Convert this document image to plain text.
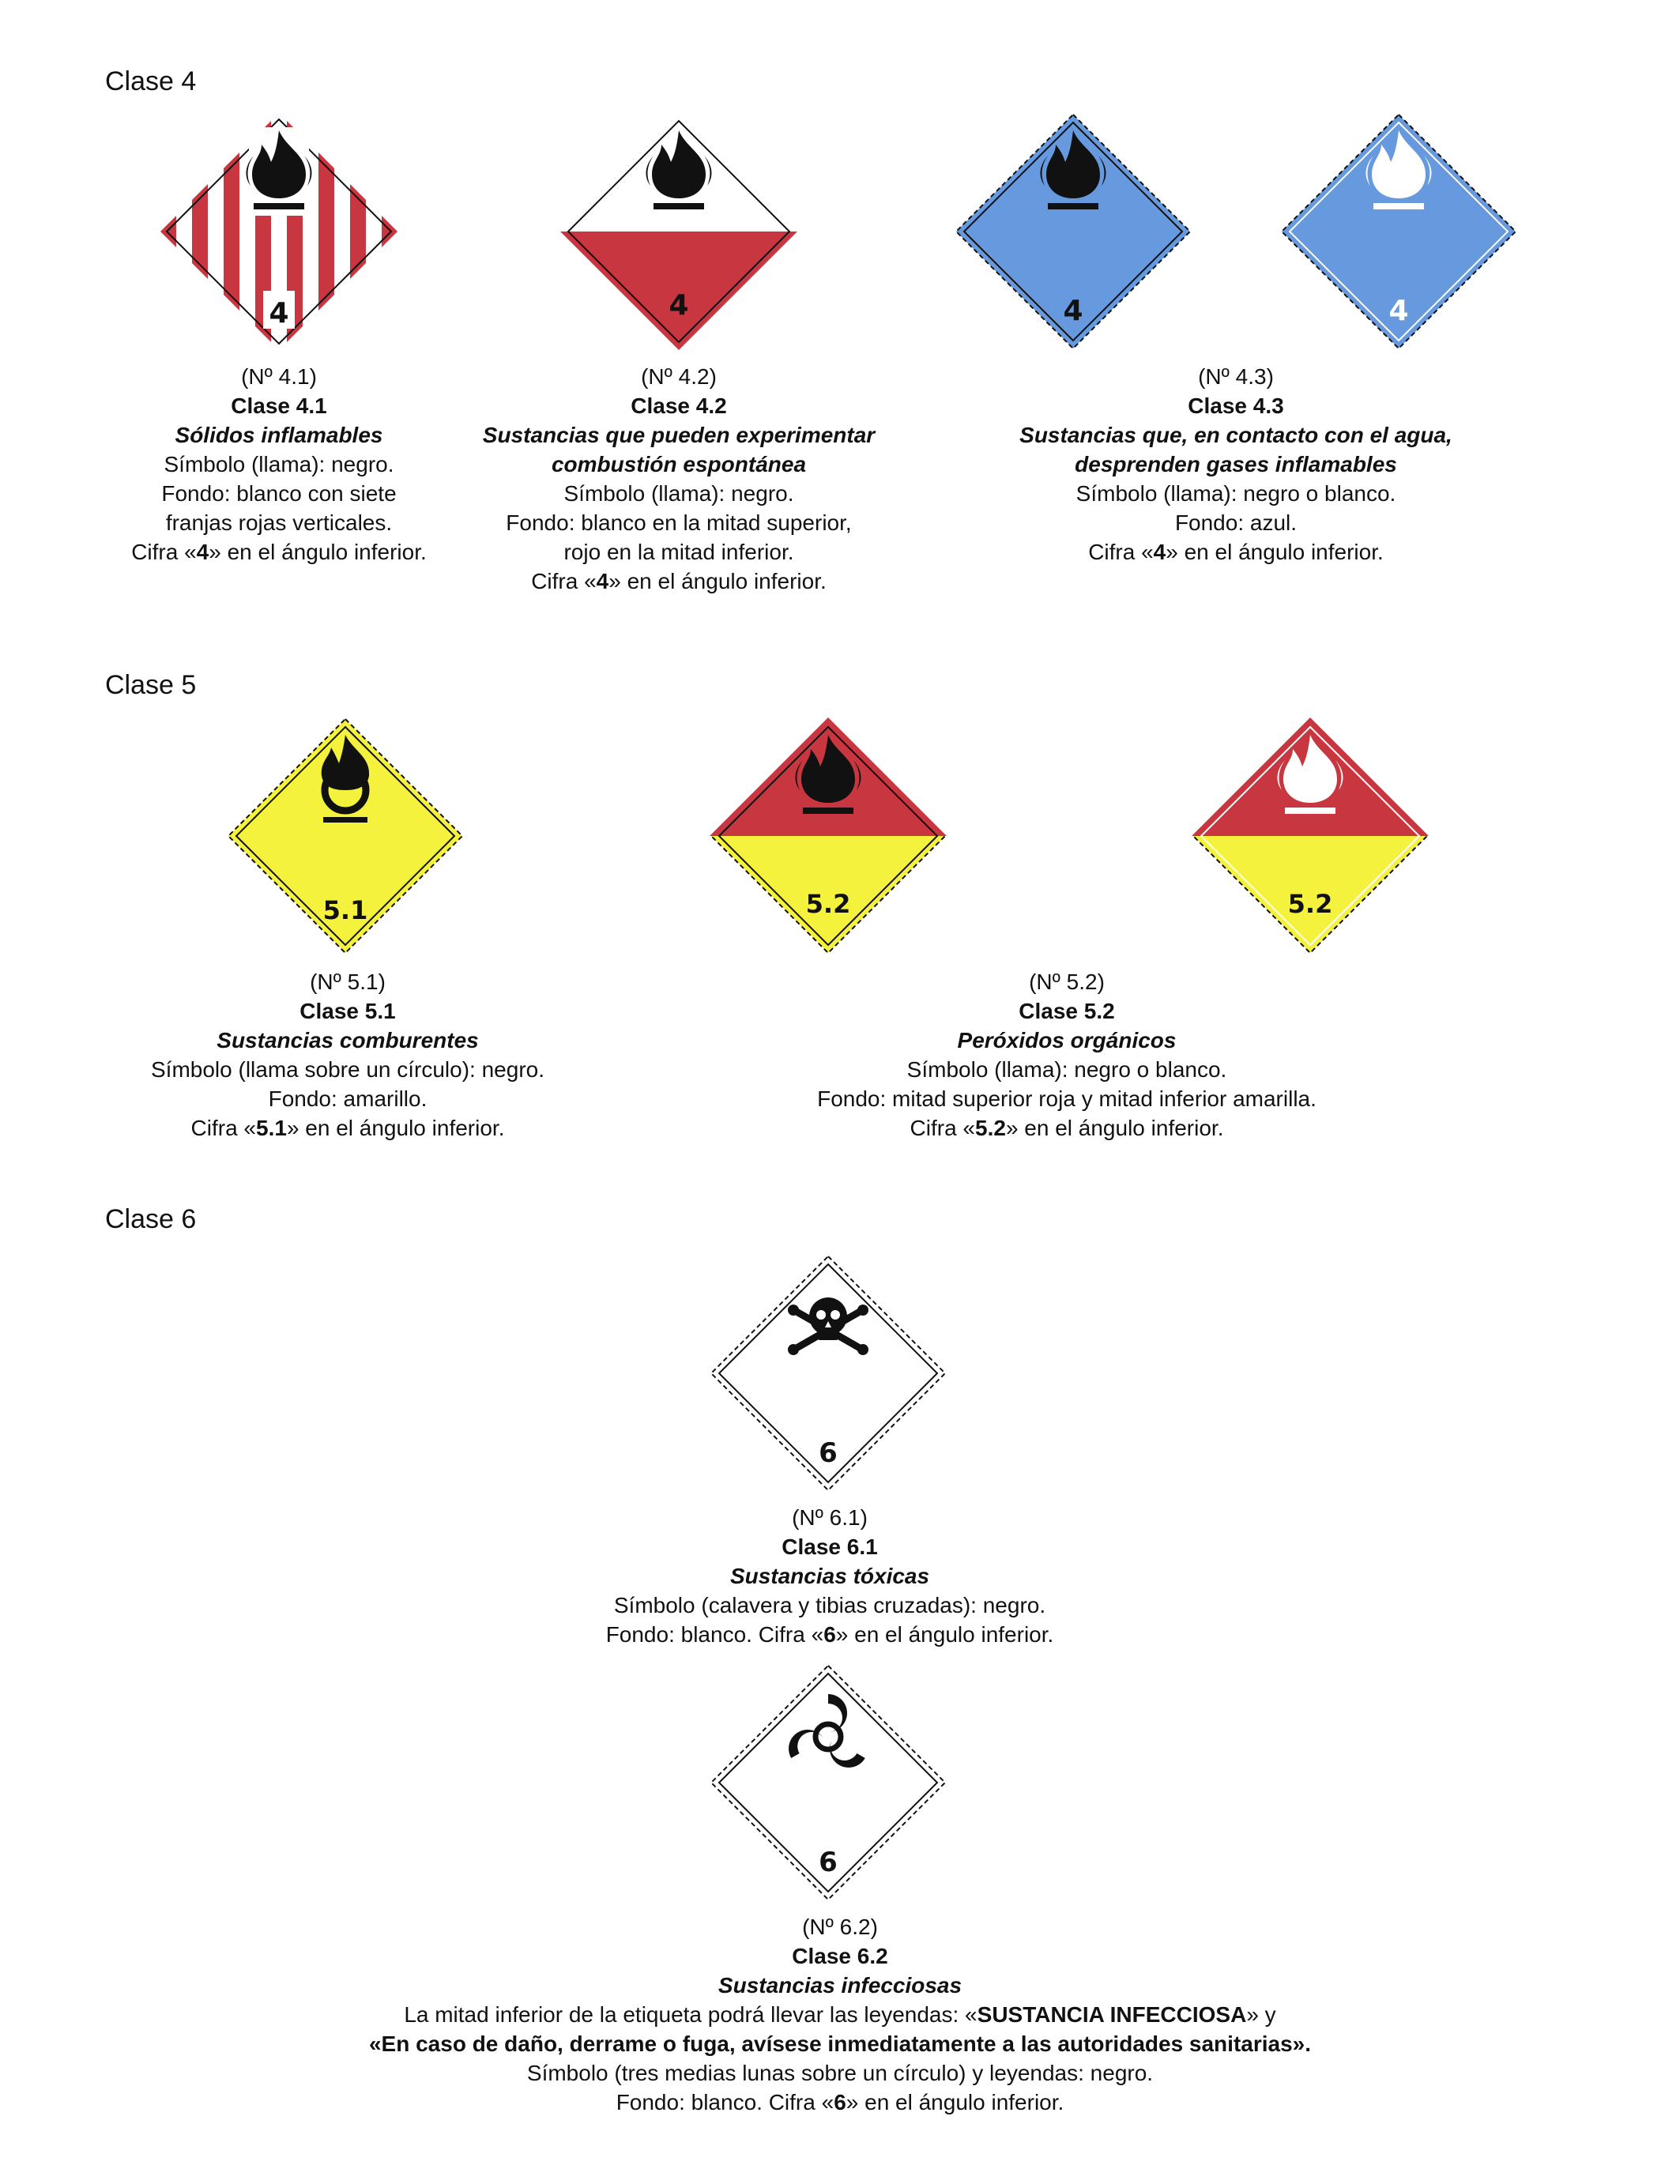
Clase 4
4	4	4	4
(Nº 4.1)
Clase 4.1
Sólidos inflamables
Símbolo (llama): negro.
Fondo: blanco con siete
franjas rojas verticales.
Cifra «4» en el ángulo inferior.
(Nº 4.2)
Clase 4.2
Sustancias que pueden experimentar
combustión espontánea
Símbolo (llama): negro.
Fondo: blanco en la mitad superior,
rojo en la mitad inferior.
Cifra «4» en el ángulo inferior.
(Nº 4.3)
Clase 4.3
Sustancias que, en contacto con el agua,
desprenden gases inflamables
Símbolo (llama): negro o blanco.
Fondo: azul.
Cifra «4» en el ángulo inferior.
Clase 5
5.1	5.2	5.2
(Nº 5.1)
Clase 5.1
Sustancias comburentes
Símbolo (llama sobre un círculo): negro.
Fondo: amarillo.
Cifra «5.1» en el ángulo inferior.
(Nº 5.2)
Clase 5.2
Peróxidos orgánicos
Símbolo (llama): negro o blanco.
Fondo: mitad superior roja y mitad inferior amarilla.
Cifra «5.2» en el ángulo inferior.
Clase 6
6
(Nº 6.1)
Clase 6.1
Sustancias tóxicas
Símbolo (calavera y tibias cruzadas): negro.
Fondo: blanco. Cifra «6» en el ángulo inferior.
6
(Nº 6.2)
Clase 6.2
Sustancias infecciosas
La mitad inferior de la etiqueta podrá llevar las leyendas: «SUSTANCIA INFECCIOSA» y
«En caso de daño, derrame o fuga, avísese inmediatamente a las autoridades sanitarias».
Símbolo (tres medias lunas sobre un círculo) y leyendas: negro.
Fondo: blanco. Cifra «6» en el ángulo inferior.
